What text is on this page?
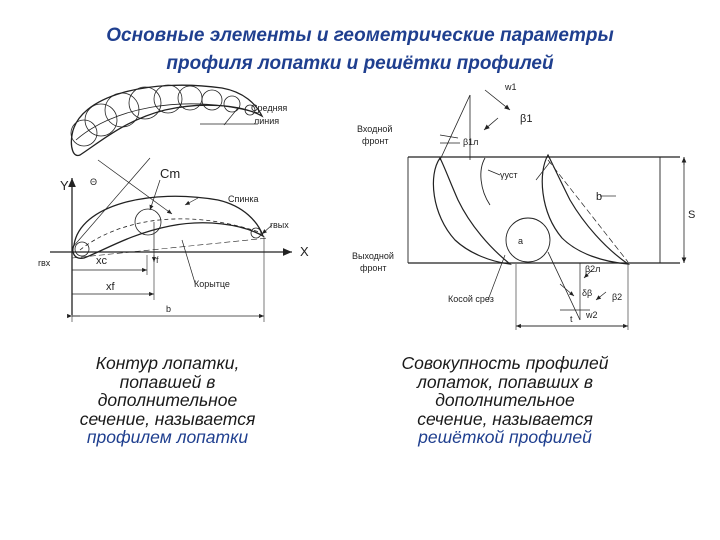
Основные элементы и геометрические параметры
профиля лопатки и решётки профилей
Средняя
линия
Cm
Y Θ
Спинка
rвых
X
rвх	xc	f
Корытце
xf
b
w1
β1
Входной
фронт	β1л
γуст
b
S
a
Выходной
фронт	β2л
δβ β2
Косой срез
w2
t
Контур лопатки,
попавшей в
дополнительное
сечение, называется
профилем лопатки
Совокупность профилей
лопаток, попавших в
дополнительное
сечение, называется
решёткой профилей
